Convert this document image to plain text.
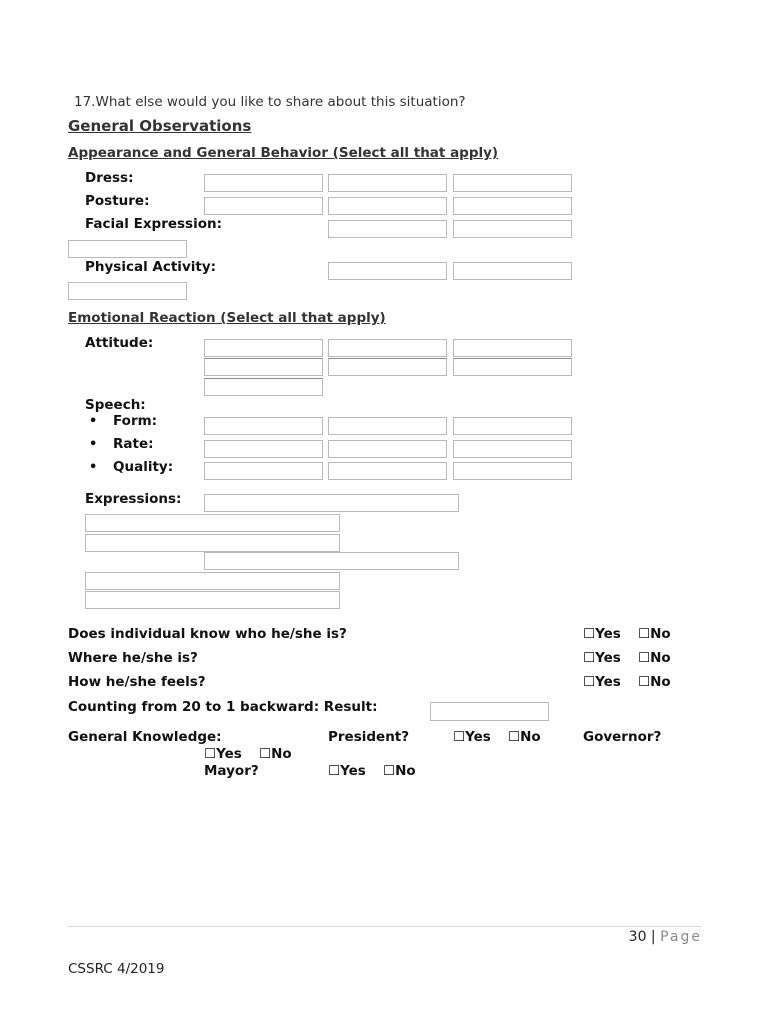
17.What else would you like to share about this situation?
General Observations
Appearance and General Behavior (Select all that apply)
Dress:
Posture:
Facial Expression:
Physical Activity:
Emotional Reaction (Select all that apply)
Attitude:
Speech:
• Form:
• Rate:
• Quality:
Expressions:
Does individual know who he/she is?	☐Yes ☐No
Where he/she is?	☐Yes ☐No
How he/she feels?	☐Yes ☐No
Counting from 20 to 1 backward: Result:
General Knowledge:	President?	☐Yes ☐No	Governor?
☐Yes ☐No
Mayor?	☐Yes ☐No
30 | Page
CSSRC 4/2019
